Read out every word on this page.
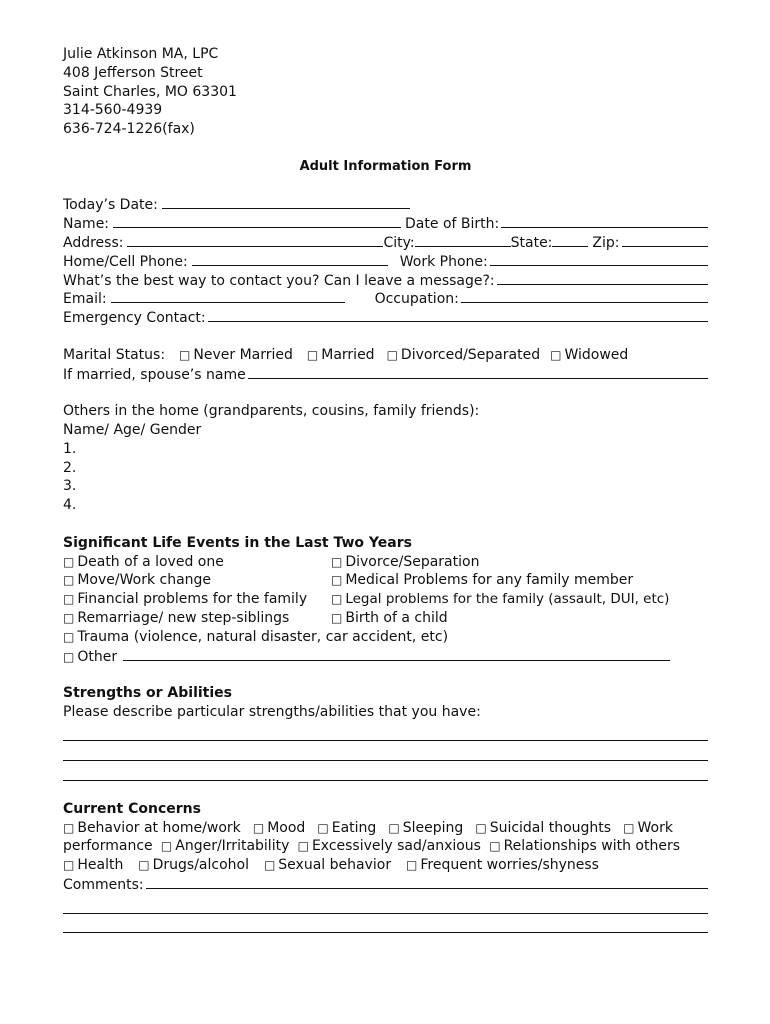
Julie Atkinson MA, LPC
408 Jefferson Street
Saint Charles, MO 63301
314-560-4939
636-724-1226(fax)
Adult Information Form
Today’s Date:
Name:	Date of Birth:
Address:	City:	State:	Zip:
Home/Cell Phone:	Work Phone:
What’s the best way to contact you? Can I leave a message?:
Email:	Occupation:
Emergency Contact:
Marital Status: □ Never Married □ Married □ Divorced/Separated □ Widowed
If married, spouse’s name
Others in the home (grandparents, cousins, family friends):
Name/ Age/ Gender
1.
2.
3.
4.
Significant Life Events in the Last Two Years
□ Death of a loved one	□ Divorce/Separation
□ Move/Work change	□ Medical Problems for any family member
□ Financial problems for the family □ Legal problems for the family (assault, DUI, etc)
□ Remarriage/ new step-siblings	□ Birth of a child
□ Trauma (violence, natural disaster, car accident, etc)
□ Other
Strengths or Abilities
Please describe particular strengths/abilities that you have:
Current Concerns
□ Behavior at home/work □ Mood □ Eating □ Sleeping □ Suicidal thoughts □ Work
performance □ Anger/Irritability □ Excessively sad/anxious □ Relationships with others
□ Health □ Drugs/alcohol □ Sexual behavior □ Frequent worries/shyness
Comments:
